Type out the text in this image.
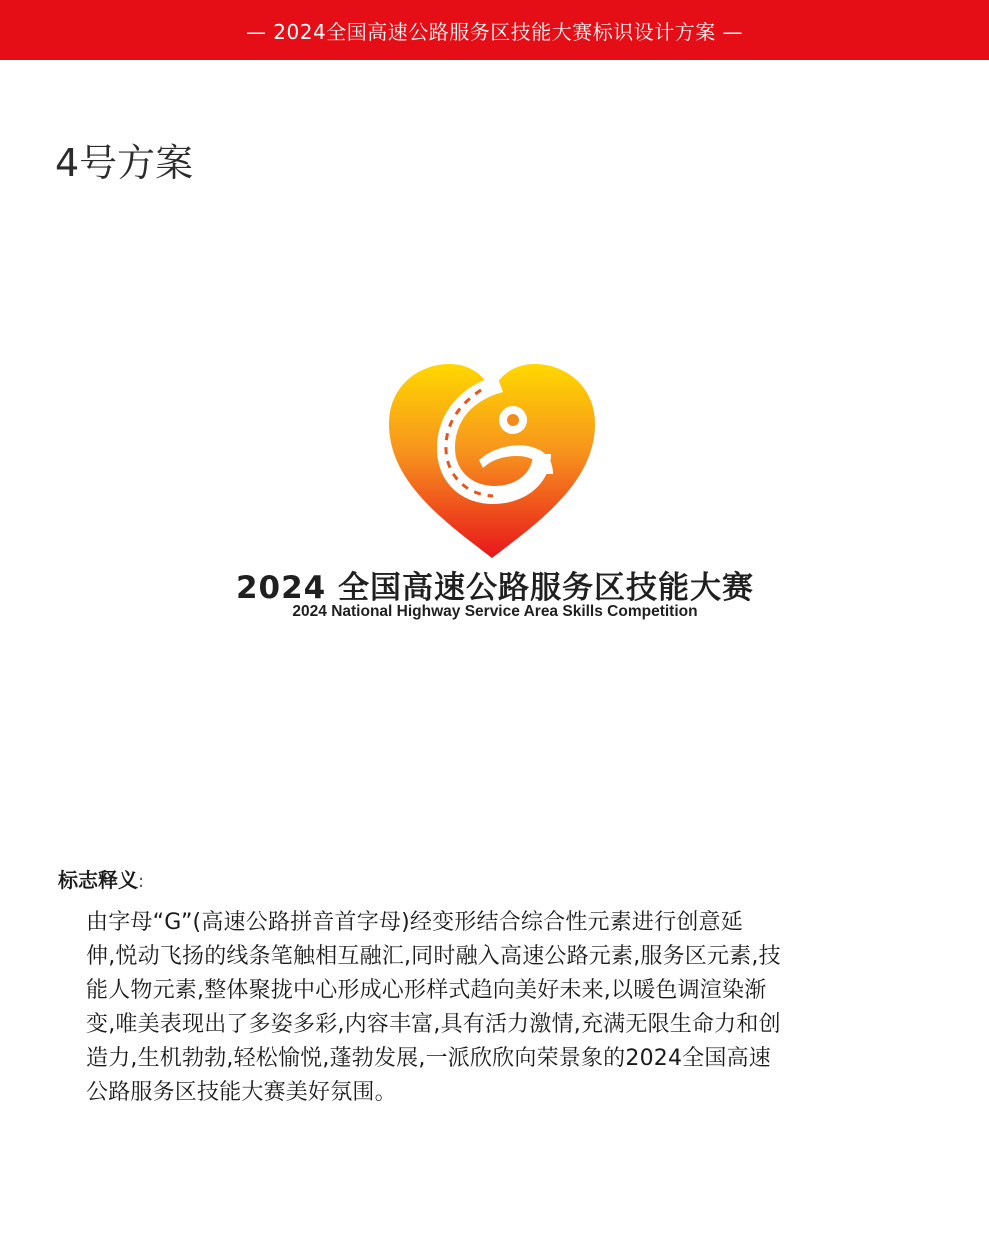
— 2024全国高速公路服务区技能大赛标识设计方案 —
4号方案
2024 全国高速公路服务区技能大赛
2024 National Highway Service Area Skills Competition
标志释义:
由字母“G”(高速公路拼音首字母)经变形结合综合性元素进行创意延
伸,悦动飞扬的线条笔触相互融汇,同时融入高速公路元素,服务区元素,技
能人物元素,整体聚拢中心形成心形样式趋向美好未来,以暖色调渲染渐
变,唯美表现出了多姿多彩,内容丰富,具有活力激情,充满无限生命力和创
造力,生机勃勃,轻松愉悦,蓬勃发展,一派欣欣向荣景象的2024全国高速
公路服务区技能大赛美好氛围。
